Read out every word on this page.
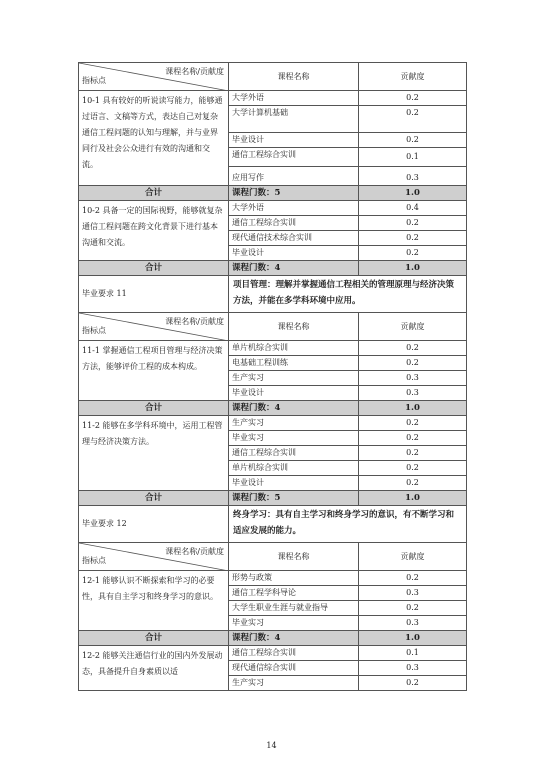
课程名称/贡献度
指标点	课程名称	贡献度
10-1 具有较好的听说读写能力，能够通过语言、文稿等方式，表达自己对复杂通信工程问题的认知与理解，并与业界同行及社会公众进行有效的沟通和交流。	大学外语	0.2
	大学计算机基础	0.2
	毕业设计	0.2
	通信工程综合实训	0.1
	应用写作	0.3
合计	课程门数：5	1.0
10-2 具备一定的国际视野，能够就复杂通信工程问题在跨文化背景下进行基本沟通和交流。	大学外语	0.4
	通信工程综合实训	0.2
	现代通信技术综合实训	0.2
	毕业设计	0.2
合计	课程门数：4	1.0
毕业要求 11	项目管理：理解并掌握通信工程相关的管理原理与经济决策方法，并能在多学科环境中应用。	

课程名称/贡献度
指标点	课程名称	贡献度
11-1 掌握通信工程项目管理与经济决策方法，能够评价工程的成本构成。	单片机综合实训	0.2
	电基础工程训练	0.2
	生产实习	0.3
	毕业设计	0.3
合计	课程门数：4	1.0
11-2 能够在多学科环境中，运用工程管理与经济决策方法。	生产实习	0.2
	毕业实习	0.2
	通信工程综合实训	0.2
	单片机综合实训	0.2
	毕业设计	0.2
合计	课程门数：5	1.0
毕业要求 12	终身学习：具有自主学习和终身学习的意识，有不断学习和适应发展的能力。	

课程名称/贡献度
指标点	课程名称	贡献度
12-1 能够认识不断探索和学习的必要性，具有自主学习和终身学习的意识。	形势与政策	0.2
	通信工程学科导论	0.3
	大学生职业生涯与就业指导	0.2
	毕业实习	0.3
合计	课程门数：4	1.0
12-2 能够关注通信行业的国内外发展动态，具备提升自身素质以适	通信工程综合实训	0.1
	现代通信综合实训	0.3
	生产实习	0.2
14
